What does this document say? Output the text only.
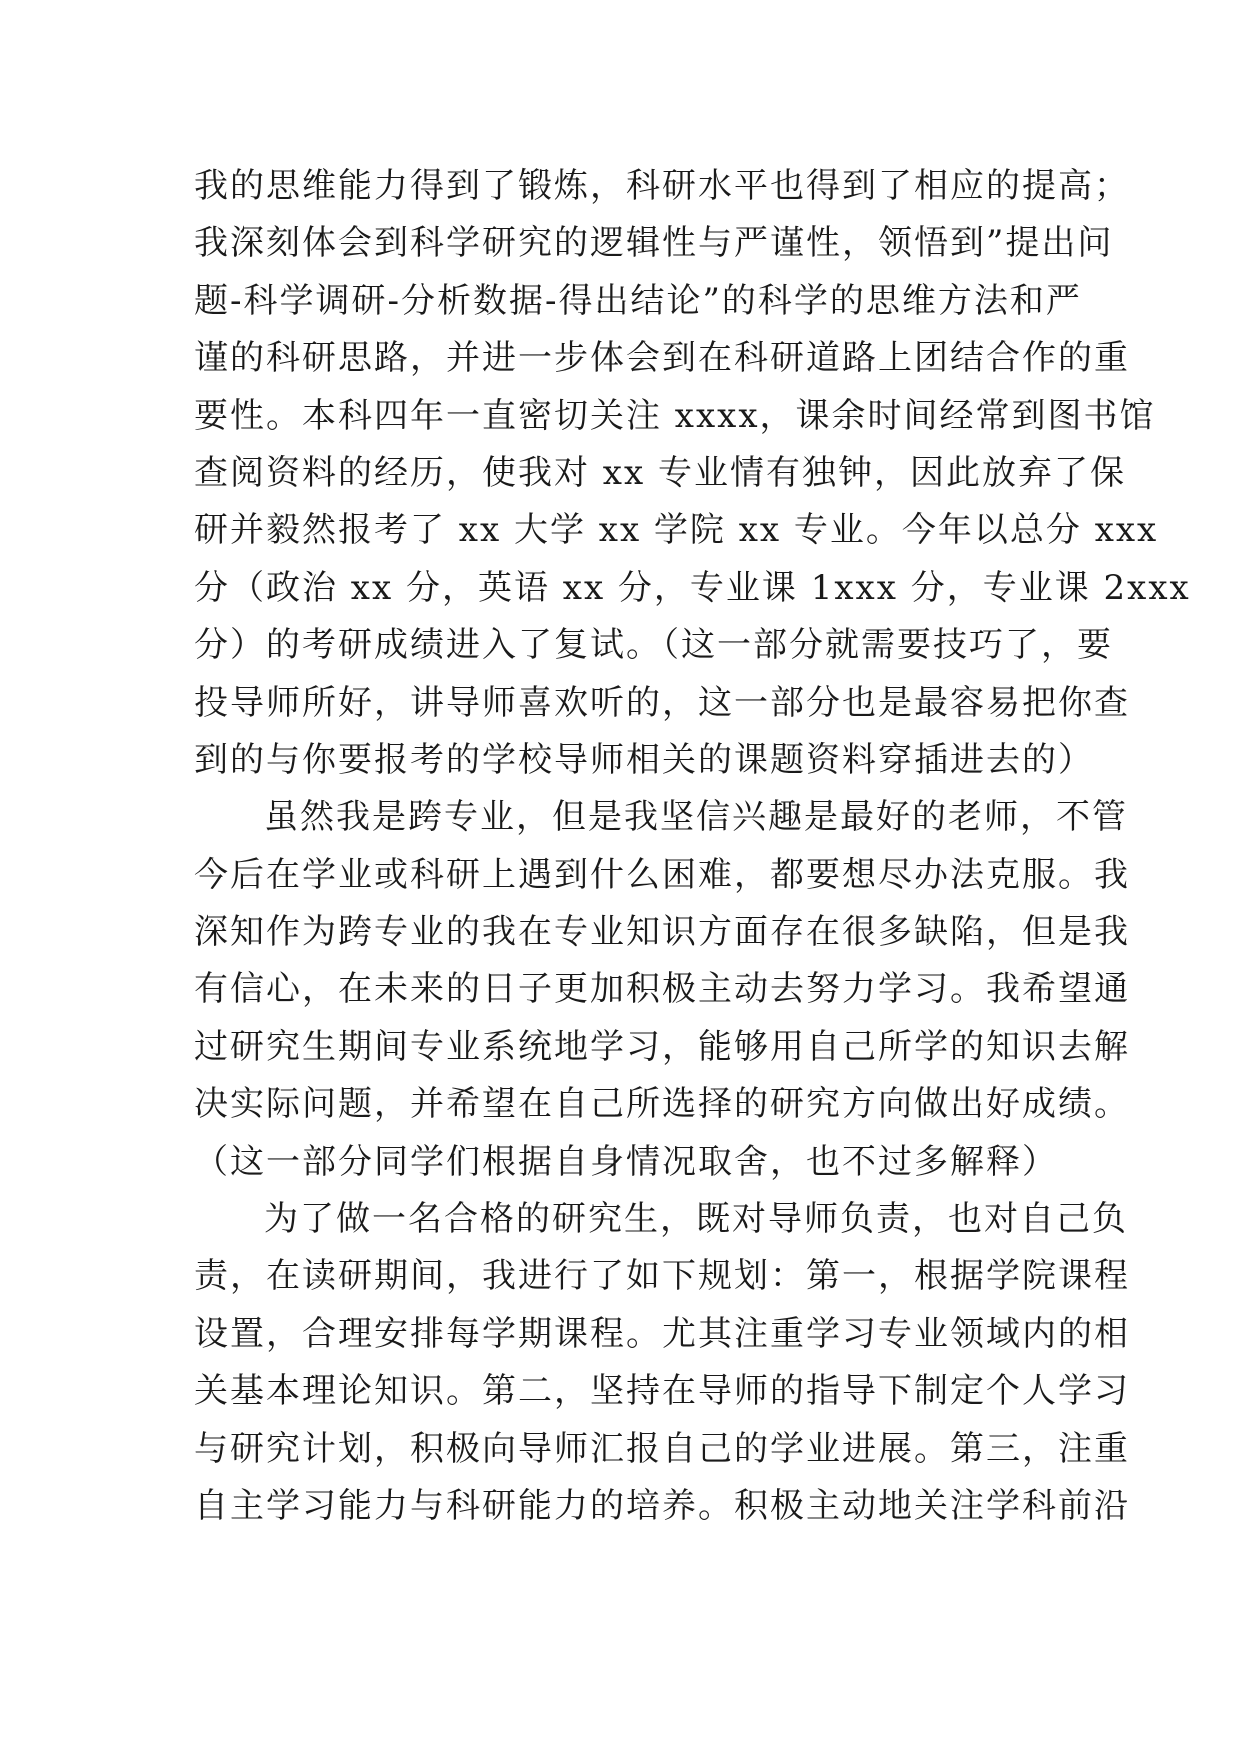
我的思维能力得到了锻炼，科研水平也得到了相应的提高；
我深刻体会到科学研究的逻辑性与严谨性，领悟到”提出问
题-科学调研-分析数据-得出结论”的科学的思维方法和严
谨的科研思路，并进一步体会到在科研道路上团结合作的重
要性。本科四年一直密切关注 xxxx，课余时间经常到图书馆
查阅资料的经历，使我对 xx 专业情有独钟，因此放弃了保
研并毅然报考了 xx 大学 xx 学院 xx 专业。今年以总分 xxx
分（政治 xx 分，英语 xx 分，专业课 1xxx 分，专业课 2xxx
分）的考研成绩进入了复试。（这一部分就需要技巧了，要
投导师所好，讲导师喜欢听的，这一部分也是最容易把你查
到的与你要报考的学校导师相关的课题资料穿插进去的）
虽然我是跨专业，但是我坚信兴趣是最好的老师，不管
今后在学业或科研上遇到什么困难，都要想尽办法克服。我
深知作为跨专业的我在专业知识方面存在很多缺陷，但是我
有信心，在未来的日子更加积极主动去努力学习。我希望通
过研究生期间专业系统地学习，能够用自己所学的知识去解
决实际问题，并希望在自己所选择的研究方向做出好成绩。
（这一部分同学们根据自身情况取舍，也不过多解释）
为了做一名合格的研究生，既对导师负责，也对自己负
责，在读研期间，我进行了如下规划：第一，根据学院课程
设置，合理安排每学期课程。尤其注重学习专业领域内的相
关基本理论知识。第二，坚持在导师的指导下制定个人学习
与研究计划，积极向导师汇报自己的学业进展。第三，注重
自主学习能力与科研能力的培养。积极主动地关注学科前沿
